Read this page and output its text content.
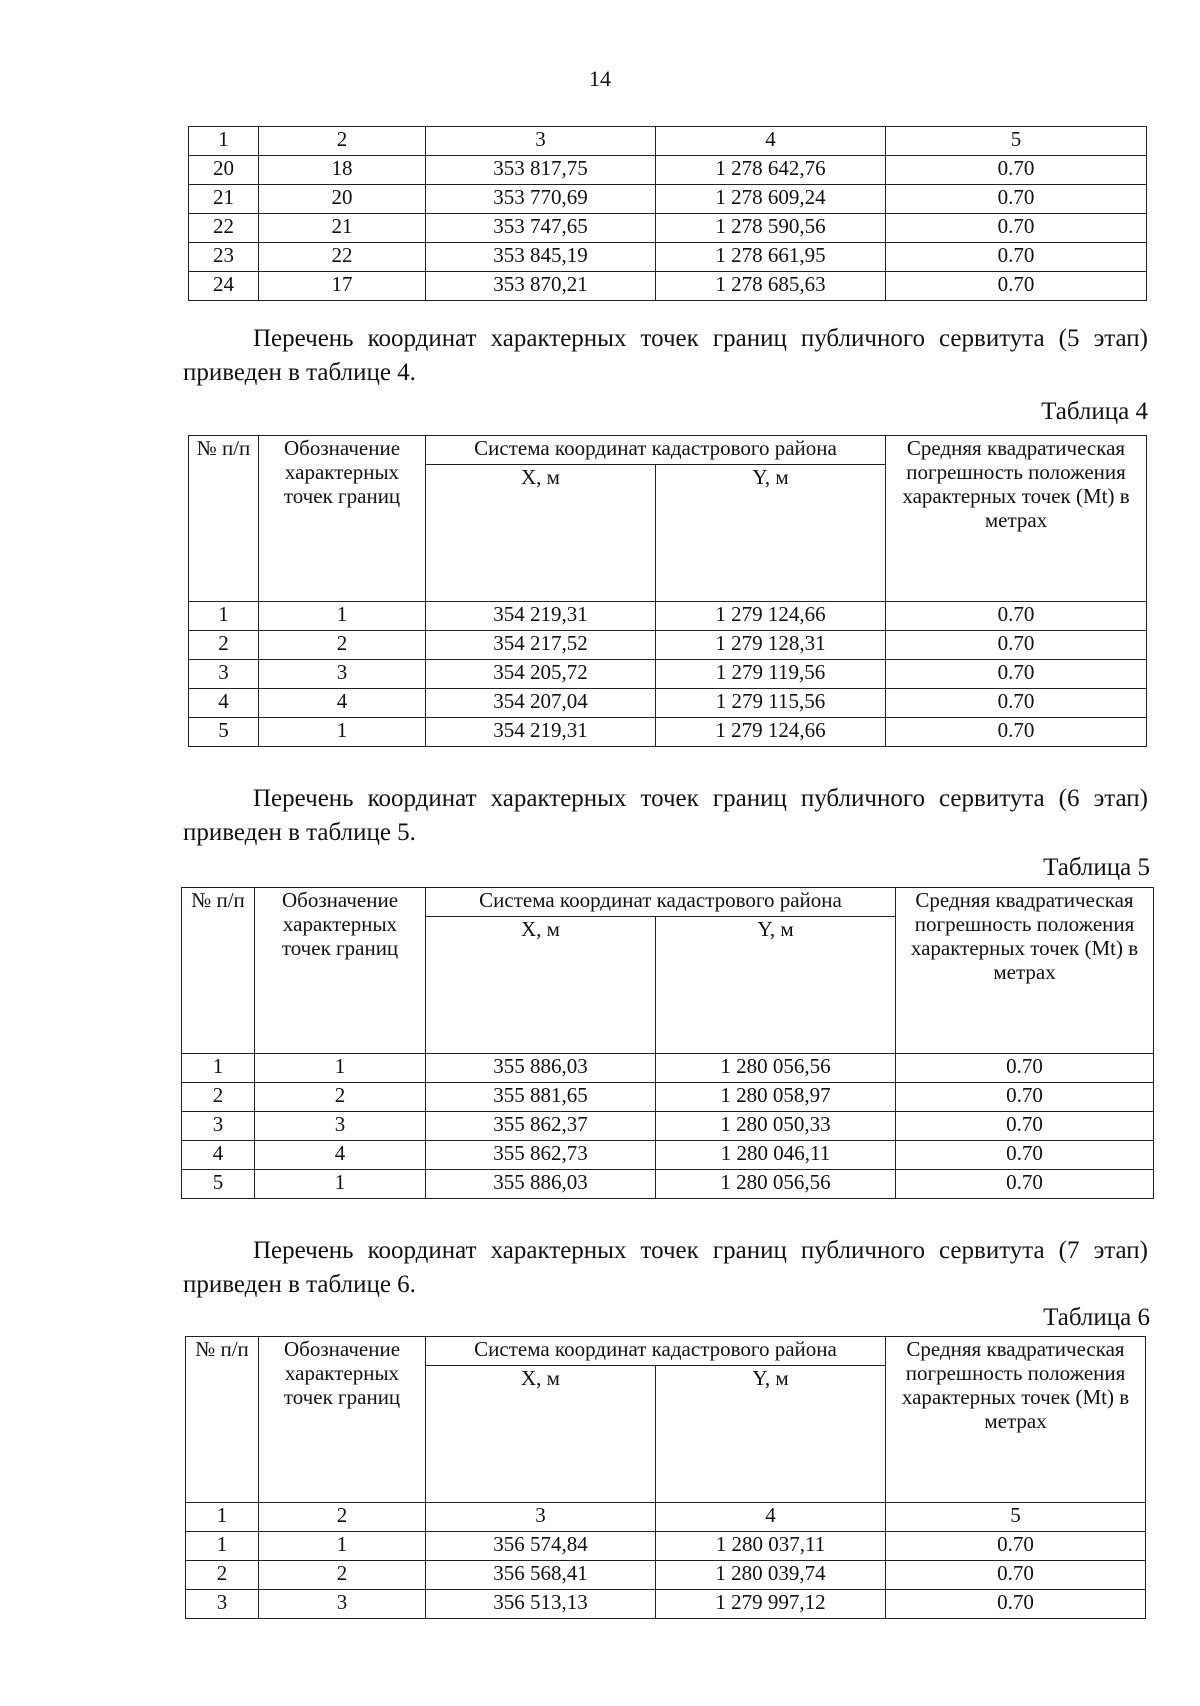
14
1	2	3	4	5
20	18	353 817,75	1 278 642,76	0.70
21	20	353 770,69	1 278 609,24	0.70
22	21	353 747,65	1 278 590,56	0.70
23	22	353 845,19	1 278 661,95	0.70
24	17	353 870,21	1 278 685,63	0.70

Перечень координат характерных точек границ публичного сервитута (5 этап) приведен в таблице 4.

Таблица 4
№ п/п	Обозначение характерных точек границ	Система координат кадастрового района		Средняя квадратическая погрешность положения характерных точек (Mt) в метрах
		X, м	Y, м	

1	1	354 219,31	1 279 124,66	0.70
2	2	354 217,52	1 279 128,31	0.70
3	3	354 205,72	1 279 119,56	0.70
4	4	354 207,04	1 279 115,56	0.70
5	1	354 219,31	1 279 124,66	0.70

Перечень координат характерных точек границ публичного сервитута (6 этап) приведен в таблице 5.

Таблица 5
№ п/п	Обозначение характерных точек границ	Система координат кадастрового района		Средняя квадратическая погрешность положения характерных точек (Mt) в метрах
		X, м	Y, м	

1	1	355 886,03	1 280 056,56	0.70
2	2	355 881,65	1 280 058,97	0.70
3	3	355 862,37	1 280 050,33	0.70
4	4	355 862,73	1 280 046,11	0.70
5	1	355 886,03	1 280 056,56	0.70

Перечень координат характерных точек границ публичного сервитута (7 этап) приведен в таблице 6.

Таблица 6
№ п/п	Обозначение характерных точек границ	Система координат кадастрового района		Средняя квадратическая погрешность положения характерных точек (Mt) в метрах
		X, м	Y, м	

1	2	3	4	5
1	1	356 574,84	1 280 037,11	0.70
2	2	356 568,41	1 280 039,74	0.70
3	3	356 513,13	1 279 997,12	0.70
